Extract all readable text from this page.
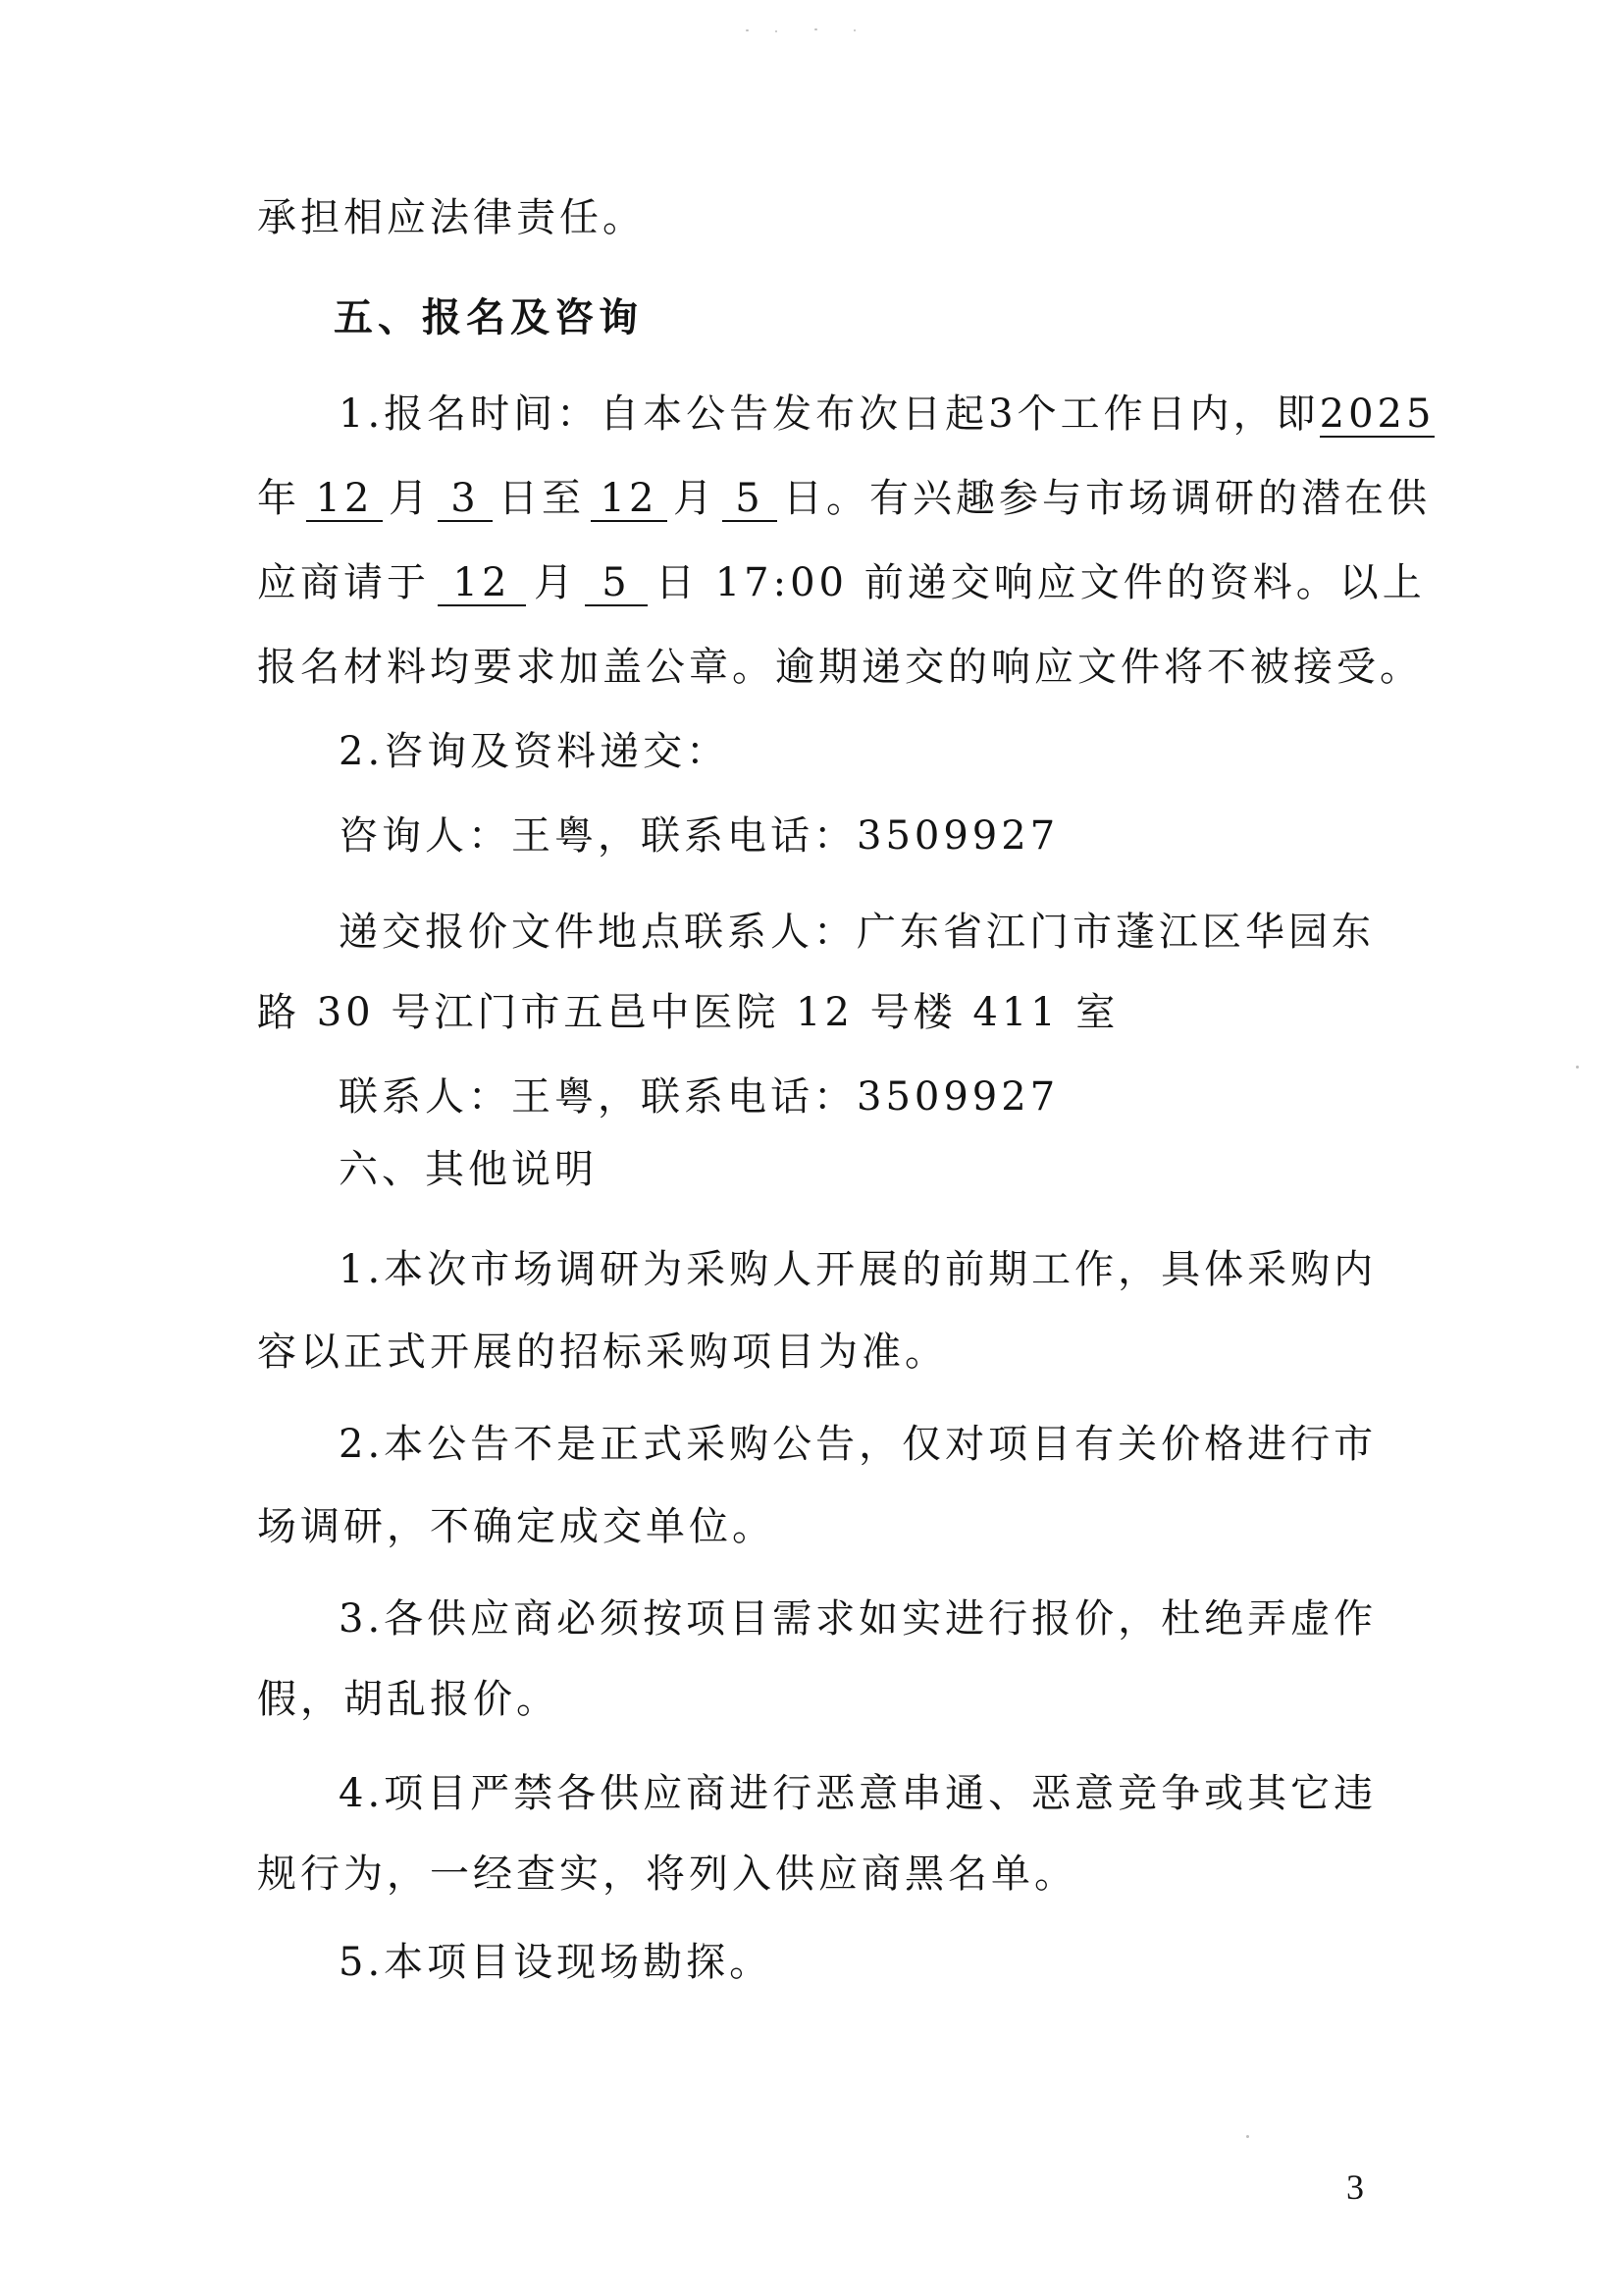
承担相应法律责任。
五、报名及咨询
1.报名时间：自本公告发布次日起3个工作日内，即2025
年 12 月 3 日至 12 月 5 日。有兴趣参与市场调研的潜在供
应商请于 12 月 5 日 17:00 前递交响应文件的资料。以上
报名材料均要求加盖公章。逾期递交的响应文件将不被接受。
2.咨询及资料递交：
咨询人：王粤，联系电话：3509927
递交报价文件地点联系人：广东省江门市蓬江区华园东
路 30 号江门市五邑中医院 12 号楼 411 室
联系人：王粤，联系电话：3509927
六、其他说明
1.本次市场调研为采购人开展的前期工作，具体采购内
容以正式开展的招标采购项目为准。
2.本公告不是正式采购公告，仅对项目有关价格进行市
场调研，不确定成交单位。
3.各供应商必须按项目需求如实进行报价，杜绝弄虚作
假，胡乱报价。
4.项目严禁各供应商进行恶意串通、恶意竞争或其它违
规行为，一经查实，将列入供应商黑名单。
5.本项目设现场勘探。
3
